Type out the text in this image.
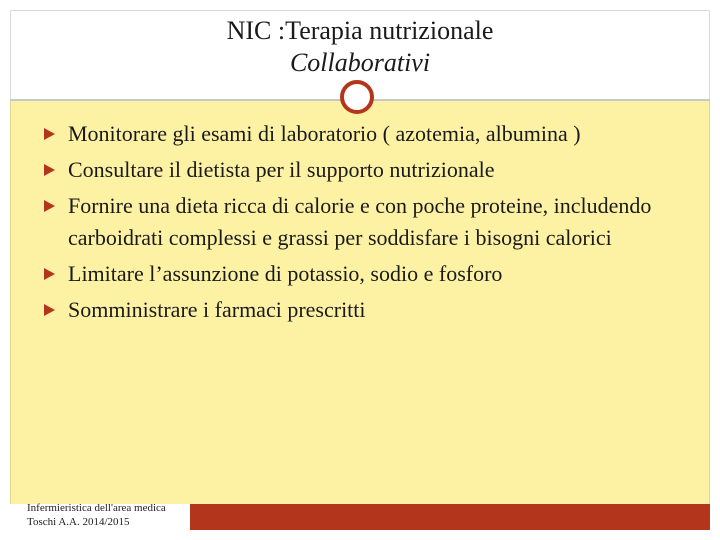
NIC :Terapia nutrizionale
Collaborativi
Monitorare gli esami di laboratorio ( azotemia, albumina )
Consultare il dietista per il supporto nutrizionale
Fornire una dieta ricca di calorie e con poche proteine, includendo carboidrati complessi e grassi per soddisfare i bisogni calorici
Limitare l’assunzione di potassio, sodio e fosforo
Somministrare i farmaci prescritti
Infermieristica dell'area medica
Toschi A.A. 2014/2015
